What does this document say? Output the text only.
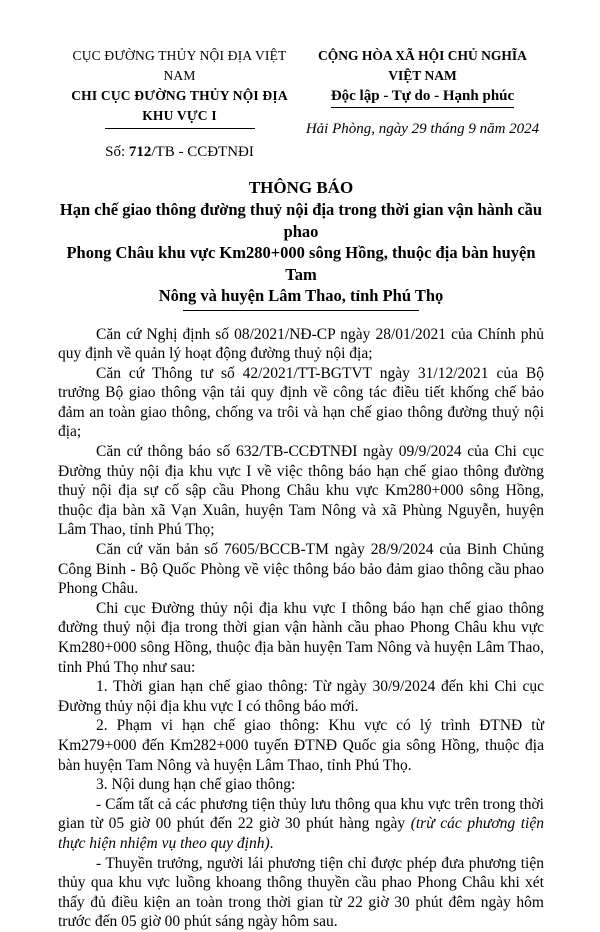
CỤC ĐƯỜNG THỦY NỘI ĐỊA VIỆT NAM
CHI CỤC ĐƯỜNG THỦY NỘI ĐỊA KHU VỰC I
Số: 712/TB - CCĐTNĐI
CỘNG HÒA XÃ HỘI CHỦ NGHĨA VIỆT NAM
Độc lập - Tự do - Hạnh phúc
Hải Phòng, ngày 29 tháng 9 năm 2024
THÔNG BÁO
Hạn chế giao thông đường thuỷ nội địa trong thời gian vận hành cầu phao
Phong Châu khu vực Km280+000 sông Hồng, thuộc địa bàn huyện Tam
Nông và huyện Lâm Thao, tỉnh Phú Thọ

Căn cứ Nghị định số 08/2021/NĐ-CP ngày 28/01/2021 của Chính phủ quy định về quản lý hoạt động đường thuỷ nội địa;

Căn cứ Thông tư số 42/2021/TT-BGTVT ngày 31/12/2021 của Bộ trưởng Bộ giao thông vận tải quy định về công tác điều tiết khống chế bảo đảm an toàn giao thông, chống va trôi và hạn chế giao thông đường thuỷ nội địa;

Căn cứ thông báo số 632/TB-CCĐTNĐI ngày 09/9/2024 của Chi cục Đường thủy nội địa khu vực I về việc thông báo hạn chế giao thông đường thuỷ nội địa sự cố sập cầu Phong Châu khu vực Km280+000 sông Hồng, thuộc địa bàn xã Vạn Xuân, huyện Tam Nông và xã Phùng Nguyễn, huyện Lâm Thao, tỉnh Phú Thọ;

Căn cứ văn bản số 7605/BCCB-TM ngày 28/9/2024 của Binh Chủng Công Binh - Bộ Quốc Phòng về việc thông báo bảo đảm giao thông cầu phao Phong Châu.

Chi cục Đường thủy nội địa khu vực I thông báo hạn chế giao thông đường thuỷ nội địa trong thời gian vận hành cầu phao Phong Châu khu vực Km280+000 sông Hồng, thuộc địa bàn huyện Tam Nông và huyện Lâm Thao, tỉnh Phú Thọ như sau:

1. Thời gian hạn chế giao thông: Từ ngày 30/9/2024 đến khi Chi cục Đường thủy nội địa khu vực I có thông báo mới.

2. Phạm vi hạn chế giao thông: Khu vực có lý trình ĐTNĐ từ Km279+000 đến Km282+000 tuyến ĐTNĐ Quốc gia sông Hồng, thuộc địa bàn huyện Tam Nông và huyện Lâm Thao, tỉnh Phú Thọ.

3. Nội dung hạn chế giao thông:

- Cấm tất cả các phương tiện thủy lưu thông qua khu vực trên trong thời gian từ 05 giờ 00 phút đến 22 giờ 30 phút hàng ngày (trừ các phương tiện thực hiện nhiệm vụ theo quy định).

- Thuyền trưởng, người lái phương tiện chỉ được phép đưa phương tiện thủy qua khu vực luồng khoang thông thuyền cầu phao Phong Châu khi xét thấy đủ điều kiện an toàn trong thời gian từ 22 giờ 30 phút đêm ngày hôm trước đến 05 giờ 00 phút sáng ngày hôm sau.
